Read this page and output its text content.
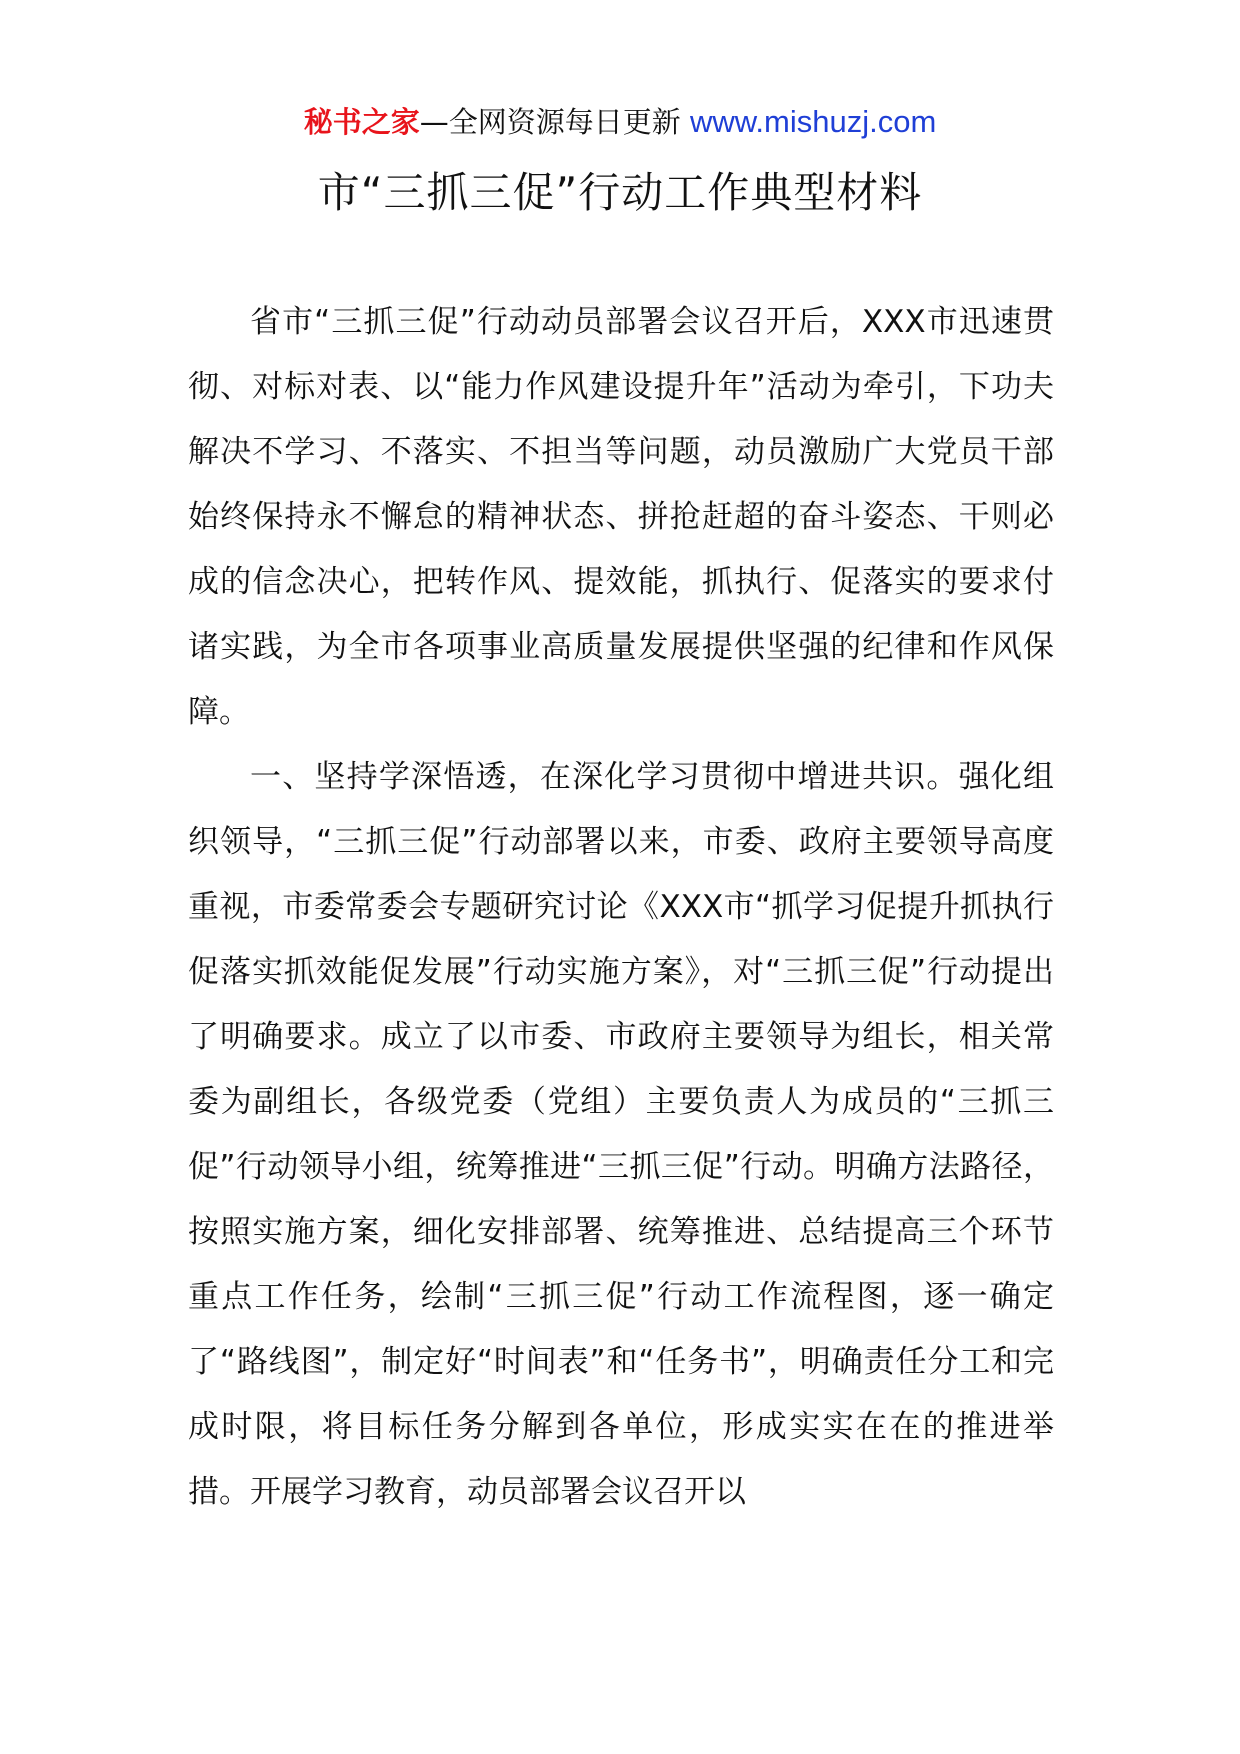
秘书之家—全网资源每日更新 www.mishuzj.com
市“三抓三促”行动工作典型材料

省市“三抓三促”行动动员部署会议召开后，XXX市迅速贯彻、对标对表、以“能力作风建设提升年”活动为牵引，下功夫解决不学习、不落实、不担当等问题，动员激励广大党员干部始终保持永不懈怠的精神状态、拼抢赶超的奋斗姿态、干则必成的信念决心，把转作风、提效能，抓执行、促落实的要求付诸实践，为全市各项事业高质量发展提供坚强的纪律和作风保障。

一、坚持学深悟透，在深化学习贯彻中增进共识。强化组织领导，“三抓三促”行动部署以来，市委、政府主要领导高度重视，市委常委会专题研究讨论《XXX市“抓学习促提升抓执行促落实抓效能促发展”行动实施方案》，对“三抓三促”行动提出了明确要求。成立了以市委、市政府主要领导为组长，相关常委为副组长，各级党委（党组）主要负责人为成员的“三抓三促”行动领导小组，统筹推进“三抓三促”行动。明确方法路径，按照实施方案，细化安排部署、统筹推进、总结提高三个环节重点工作任务，绘制“三抓三促”行动工作流程图，逐一确定了“路线图”，制定好“时间表”和“任务书”，明确责任分工和完成时限，将目标任务分解到各单位，形成实实在在的推进举措。开展学习教育，动员部署会议召开以
